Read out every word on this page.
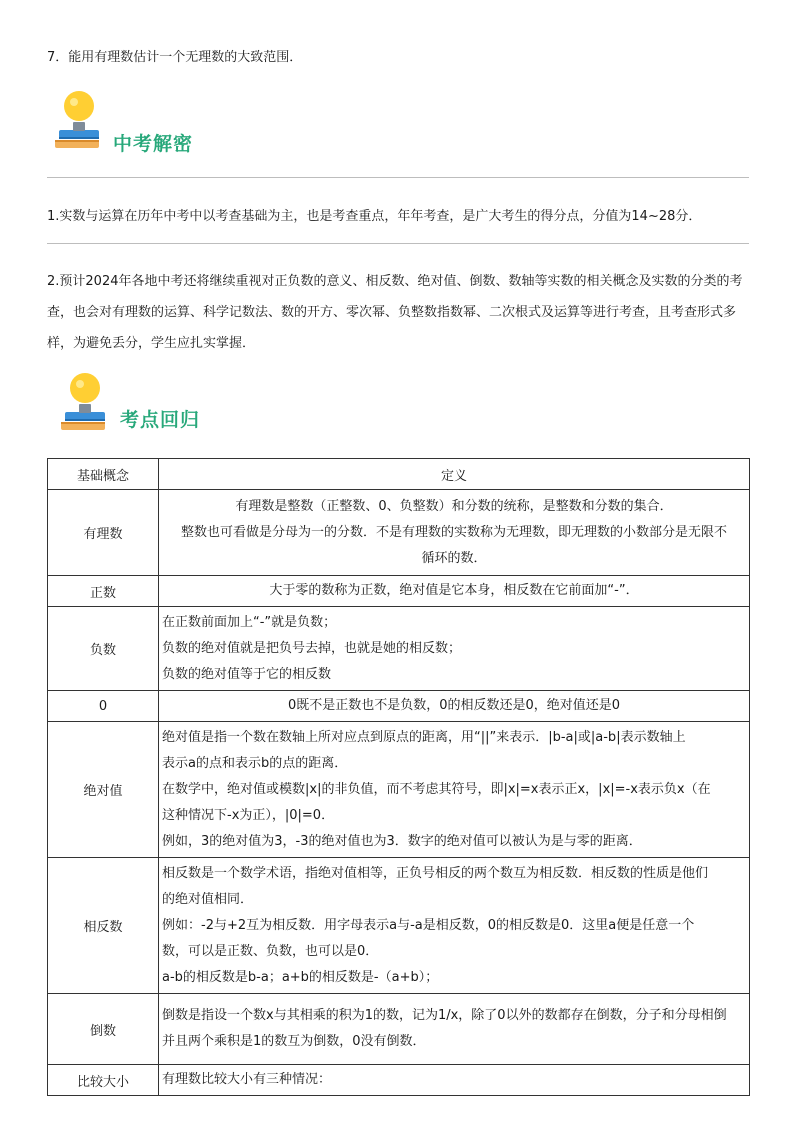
7．能用有理数估计一个无理数的大致范围．
中考解密
1.实数与运算在历年中考中以考查基础为主，也是考查重点，年年考查，是广大考生的得分点，分值为14~28分．
2.预计2024年各地中考还将继续重视对正负数的意义、相反数、绝对值、倒数、数轴等实数的相关概念及实数的分类的考查，也会对有理数的运算、科学记数法、数的开方、零次幂、负整数指数幂、二次根式及运算等进行考查，且考查形式多样，为避免丢分，学生应扎实掌握．
考点回归
基础概念	定义
有理数	有理数是整数（正整数、0、负整数）和分数的统称，是整数和分数的集合．
整数也可看做是分母为一的分数．不是有理数的实数称为无理数，即无理数的小数部分是无限不
循环的数．

正数	大于零的数称为正数，绝对值是它本身，相反数在它前面加“-”．

负数	在正数前面加上“-”就是负数；
负数的绝对值就是把负号去掉，也就是她的相反数；
负数的绝对值等于它的相反数

0	0既不是正数也不是负数，0的相反数还是0，绝对值还是0

绝对值	绝对值是指一个数在数轴上所对应点到原点的距离，用“||”来表示．|b-a|或|a-b|表示数轴上
表示a的点和表示b的点的距离．
在数学中，绝对值或模数|x|的非负值，而不考虑其符号，即|x|=x表示正x，|x|=-x表示负x（在
这种情况下-x为正），|0|=0．
例如，3的绝对值为3，-3的绝对值也为3．数字的绝对值可以被认为是与零的距离．

相反数	相反数是一个数学术语，指绝对值相等，正负号相反的两个数互为相反数．相反数的性质是他们
的绝对值相同．
例如：-2与+2互为相反数．用字母表示a与-a是相反数，0的相反数是0．这里a便是任意一个
数，可以是正数、负数，也可以是0．
a-b的相反数是b-a；a+b的相反数是-（a+b）；

倒数	倒数是指设一个数x与其相乘的积为1的数，记为1/x，除了0以外的数都存在倒数，分子和分母相倒
并且两个乘积是1的数互为倒数，0没有倒数．

比较大小	有理数比较大小有三种情况：
